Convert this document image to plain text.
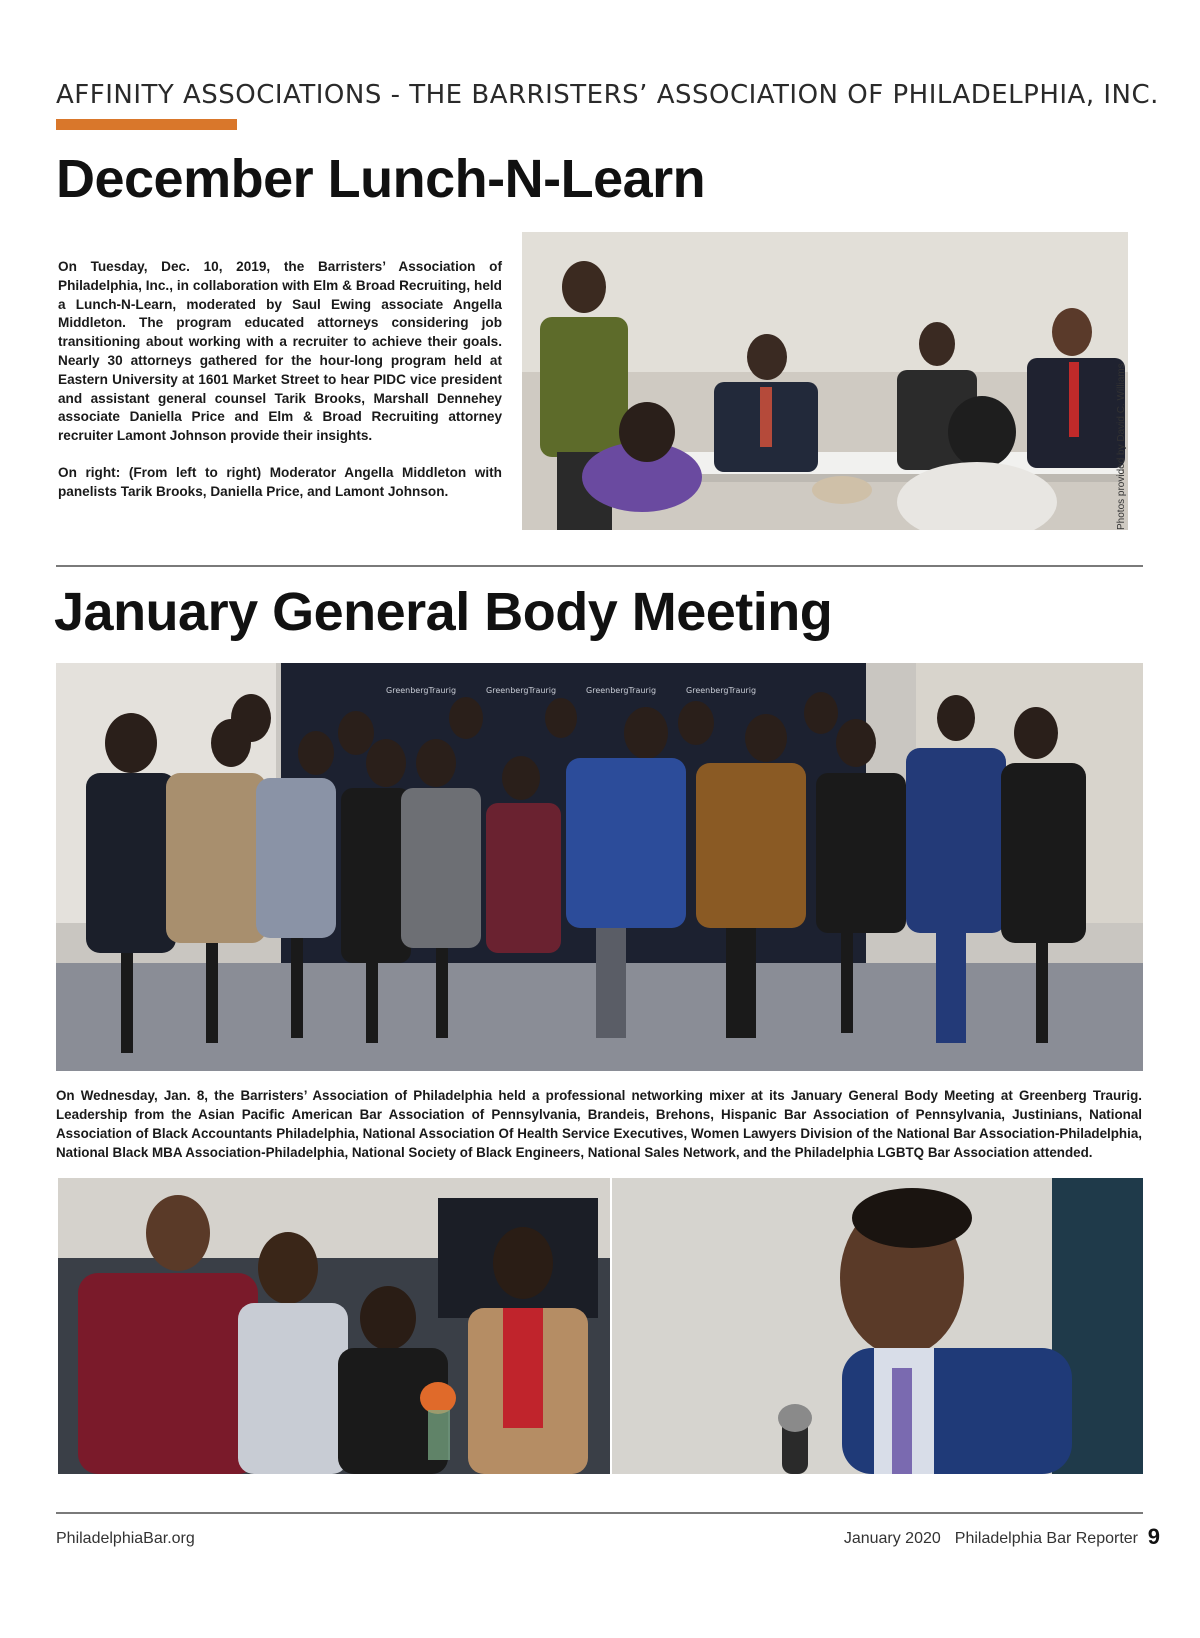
AFFINITY ASSOCIATIONS - THE BARRISTERS’ ASSOCIATION OF PHILADELPHIA, INC.
December Lunch-N-Learn

On Tuesday, Dec. 10, 2019, the Barristers’ Association of Philadelphia, Inc., in collaboration with Elm & Broad Recruiting, held a Lunch-N-Learn, moderated by Saul Ewing associate Angella Middleton. The program educated attorneys considering job transitioning about working with a recruiter to achieve their goals. Nearly 30 attorneys gathered for the hour-long program held at Eastern University at 1601 Market Street to hear PIDC vice president and assistant general counsel Tarik Brooks, Marshall Dennehey associate Daniella Price and Elm & Broad Recruiting attorney recruiter Lamont Johnson provide their insights.

On right: (From left to right) Moderator Angella Middleton with panelists Tarik Brooks, Daniella Price, and Lamont Johnson.	Photos provided by David C. Williams
January General Body Meeting
GreenbergTraurig	GreenbergTraurig	GreenbergTraurig	GreenbergTraurig
On Wednesday, Jan. 8, the Barristers’ Association of Philadelphia held a professional networking mixer at its January General Body Meeting at Greenberg Traurig. Leadership from the Asian Pacific American Bar Association of Pennsylvania, Brandeis, Brehons, Hispanic Bar Association of Pennsylvania, Justinians, National Association of Black Accountants Philadelphia, National Association Of Health Service Executives, Women Lawyers Division of the National Bar Association-Philadelphia, National Black MBA Association-Philadelphia, National Society of Black Engineers, National Sales Network, and the Philadelphia LGBTQ Bar Association attended.
PhiladelphiaBar.org	January 2020 Philadelphia Bar Reporter 9
